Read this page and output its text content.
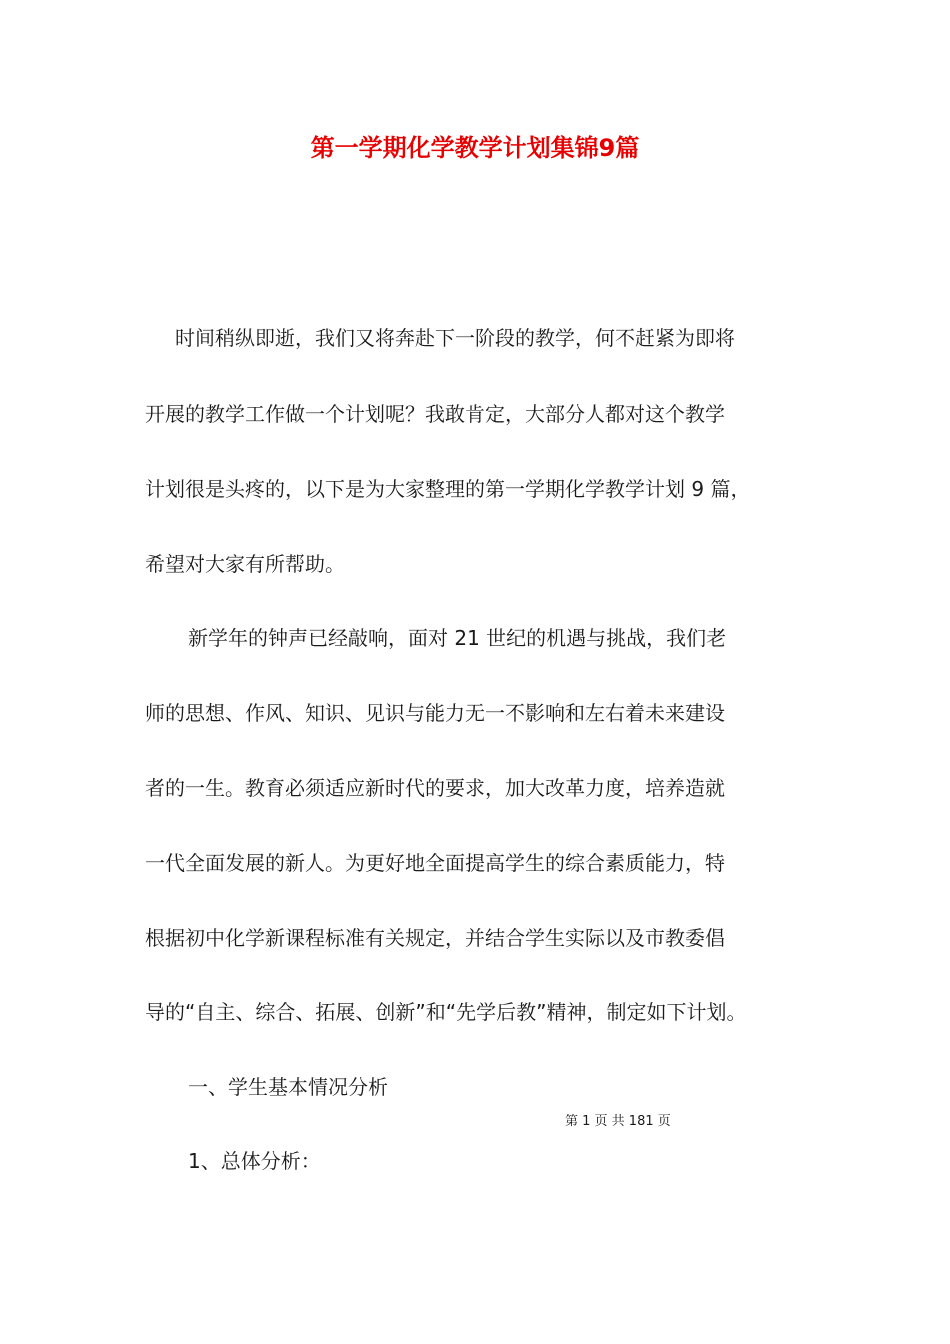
第一学期化学教学计划集锦9篇
时间稍纵即逝，我们又将奔赴下一阶段的教学，何不赶紧为即将
开展的教学工作做一个计划呢？我敢肯定，大部分人都对这个教学
计划很是头疼的，以下是为大家整理的第一学期化学教学计划 9 篇，
希望对大家有所帮助。
新学年的钟声已经敲响，面对 21 世纪的机遇与挑战，我们老
师的思想、作风、知识、见识与能力无一不影响和左右着未来建设
者的一生。教育必须适应新时代的要求，加大改革力度，培养造就
一代全面发展的新人。为更好地全面提高学生的综合素质能力，特
根据初中化学新课程标准有关规定，并结合学生实际以及市教委倡
导的“自主、综合、拓展、创新”和“先学后教”精神，制定如下计划。
一、学生基本情况分析
第 1 页 共 181 页
1、总体分析：
